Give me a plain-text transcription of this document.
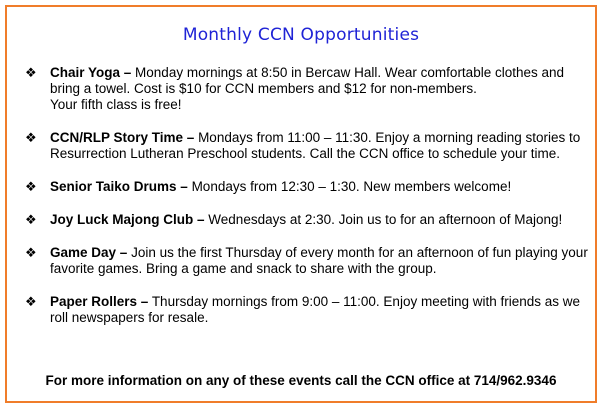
Monthly CCN Opportunities
❖ Chair Yoga – Monday mornings at 8:50 in Bercaw Hall. Wear comfortable clothes and bring a towel. Cost is $10 for CCN members and $12 for non-members.
Your fifth class is free!
❖ CCN/RLP Story Time – Mondays from 11:00 – 11:30. Enjoy a morning reading stories to Resurrection Lutheran Preschool students. Call the CCN office to schedule your time.
❖ Senior Taiko Drums – Mondays from 12:30 – 1:30. New members welcome!
❖ Joy Luck Majong Club – Wednesdays at 2:30. Join us to for an afternoon of Majong!
❖ Game Day – Join us the first Thursday of every month for an afternoon of fun playing your favorite games. Bring a game and snack to share with the group.
❖ Paper Rollers – Thursday mornings from 9:00 – 11:00. Enjoy meeting with friends as we roll newspapers for resale.
For more information on any of these events call the CCN office at 714/962.9346
